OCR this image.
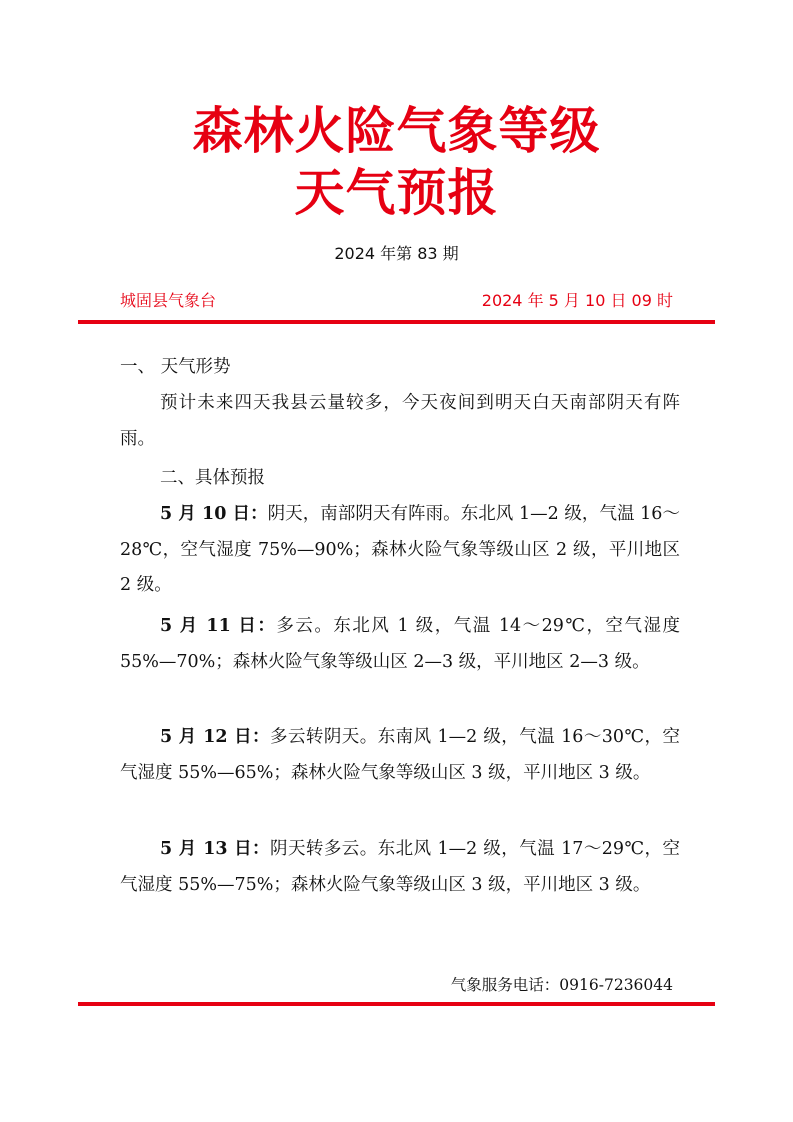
森林火险气象等级
天气预报
2024 年第 83 期
城固县气象台	2024 年 5 月 10 日 09 时
一、 天气形势
预计未来四天我县云量较多，今天夜间到明天白天南部阴天有阵雨。
二、具体预报
5 月 10 日：阴天，南部阴天有阵雨。东北风 1—2 级，气温 16～28℃，空气湿度 75%—90%；森林火险气象等级山区 2 级，平川地区 2 级。
5 月 11 日：多云。东北风 1 级，气温 14～29℃，空气湿度 55%—70%；森林火险气象等级山区 2—3 级，平川地区 2—3 级。
5 月 12 日：多云转阴天。东南风 1—2 级，气温 16～30℃，空气湿度 55%—65%；森林火险气象等级山区 3 级，平川地区 3 级。
5 月 13 日：阴天转多云。东北风 1—2 级，气温 17～29℃，空气湿度 55%—75%；森林火险气象等级山区 3 级，平川地区 3 级。
气象服务电话：0916-7236044
